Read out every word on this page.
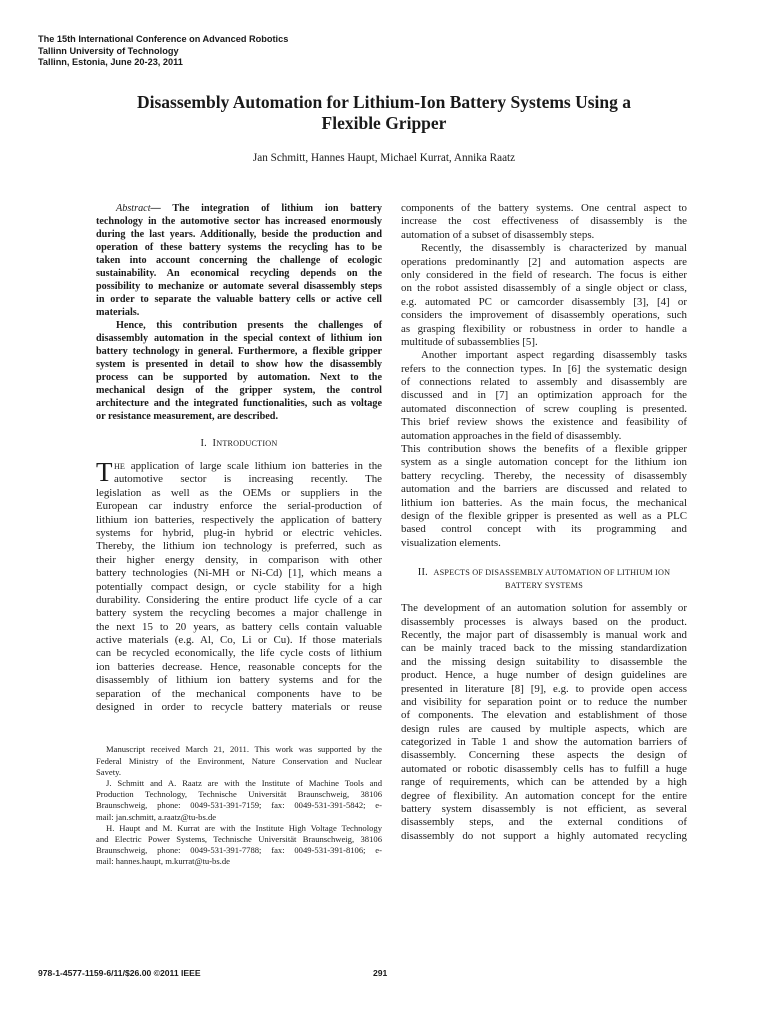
The 15th International Conference on Advanced Robotics
Tallinn University of Technology
Tallinn, Estonia, June 20-23, 2011
Disassembly Automation for Lithium-Ion Battery Systems Using a
Flexible Gripper
Jan Schmitt, Hannes Haupt, Michael Kurrat, Annika Raatz
Abstract— The integration of lithium ion battery
technology in the automotive sector has increased enormously
during the last years. Additionally, beside the production and
operation of these battery systems the recycling has to be
taken into account concerning the challenge of ecologic
sustainability. An economical recycling depends on the
possibility to mechanize or automate several disassembly steps
in order to separate the valuable battery cells or active cell
materials.
Hence, this contribution presents the challenges of
disassembly automation in the special context of lithium ion
battery technology in general. Furthermore, a flexible gripper
system is presented in detail to show how the disassembly
process can be supported by automation. Next to the
mechanical design of the gripper system, the control
architecture and the integrated functionalities, such as voltage
or resistance measurement, are described.
I. INTRODUCTION
T HE application of large scale lithium ion batteries in the
automotive sector is increasing recently. The
legislation as well as the OEMs or suppliers in the
European car industry enforce the serial-production of
lithium ion batteries, respectively the application of battery
systems for hybrid, plug-in hybrid or electric vehicles.
Thereby, the lithium ion technology is preferred, such as
their higher energy density, in comparison with other
battery technologies (Ni-MH or Ni-Cd) [1], which means a
potentially compact design, or cycle stability for a high
durability. Considering the entire product life cycle of a car
battery system the recycling becomes a major challenge in
the next 15 to 20 years, as battery cells contain valuable
active materials (e.g. Al, Co, Li or Cu). If those materials
can be recycled economically, the life cycle costs of lithium
ion batteries decrease. Hence, reasonable concepts for the
disassembly of lithium ion battery systems and for the
separation of the mechanical components have to be
designed in order to recycle battery materials or reuse
Manuscript received March 21, 2011. This work was supported by the
Federal Ministry of the Environment, Nature Conservation and Nuclear
Savety.
J. Schmitt and A. Raatz are with the Institute of Machine Tools and
Production Technology, Technische Universität Braunschweig, 38106
Braunschweig, phone: 0049-531-391-7159; fax: 0049-531-391-5842; e-
mail: jan.schmitt, a.raatz@tu-bs.de
H. Haupt and M. Kurrat are with the Institute High Voltage Technology
and Electric Power Systems, Technische Universität Braunschweig, 38106
Braunschweig, phone: 0049-531-391-7788; fax: 0049-531-391-8106; e-
mail: hannes.haupt, m.kurrat@tu-bs.de
components of the battery systems. One central aspect to
increase the cost effectiveness of disassembly is the
automation of a subset of disassembly steps.
Recently, the disassembly is characterized by manual
operations predominantly [2] and automation aspects are
only considered in the field of research. The focus is either
on the robot assisted disassembly of a single object or class,
e.g. automated PC or camcorder disassembly [3], [4] or
considers the improvement of disassembly operations, such
as grasping flexibility or robustness in order to handle a
multitude of subassemblies [5].
Another important aspect regarding disassembly tasks
refers to the connection types. In [6] the systematic design
of connections related to assembly and disassembly are
discussed and in [7] an optimization approach for the
automated disconnection of screw coupling is presented.
This brief review shows the existence and feasibility of
automation approaches in the field of disassembly.
This contribution shows the benefits of a flexible gripper
system as a single automation concept for the lithium ion
battery recycling. Thereby, the necessity of disassembly
automation and the barriers are discussed and related to
lithium ion batteries. As the main focus, the mechanical
design of the flexible gripper is presented as well as a PLC
based control concept with its programming and
visualization elements.
II. ASPECTS OF DISASSEMBLY AUTOMATION OF LITHIUM ION
BATTERY SYSTEMS
The development of an automation solution for assembly or
disassembly processes is always based on the product.
Recently, the major part of disassembly is manual work and
can be mainly traced back to the missing standardization
and the missing design suitability to disassemble the
product. Hence, a huge number of design guidelines are
presented in literature [8] [9], e.g. to provide open access
and visibility for separation point or to reduce the number
of components. The elevation and establishment of those
design rules are caused by multiple aspects, which are
categorized in Table 1 and show the automation barriers of
disassembly. Concerning these aspects the design of
automated or robotic disassembly cells has to fulfill a huge
range of requirements, which can be attended by a high
degree of flexibility. An automation concept for the entire
battery system disassembly is not efficient, as several
disassembly steps, and the external conditions of
disassembly do not support a highly automated recycling
978-1-4577-1159-6/11/$26.00 ©2011 IEEE	291
